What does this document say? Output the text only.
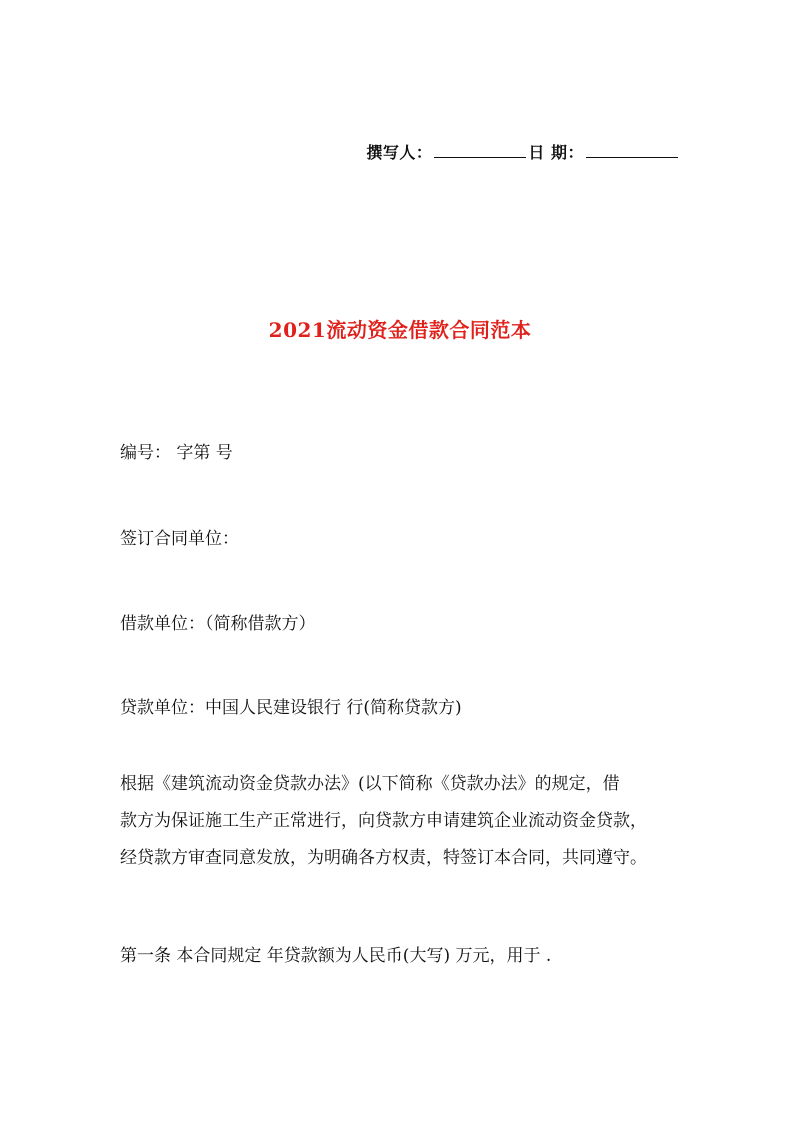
撰写人：	日 期：
2021流动资金借款合同范本
编号： 字第 号
签订合同单位：
借款单位：（简称借款方）
贷款单位：中国人民建设银行 行(简称贷款方)
根据《建筑流动资金贷款办法》(以下简称《贷款办法》的规定，借
款方为保证施工生产正常进行，向贷款方申请建筑企业流动资金贷款，
经贷款方审查同意发放，为明确各方权责，特签订本合同，共同遵守。
第一条 本合同规定 年贷款额为人民币(大写) 万元，用于 .
